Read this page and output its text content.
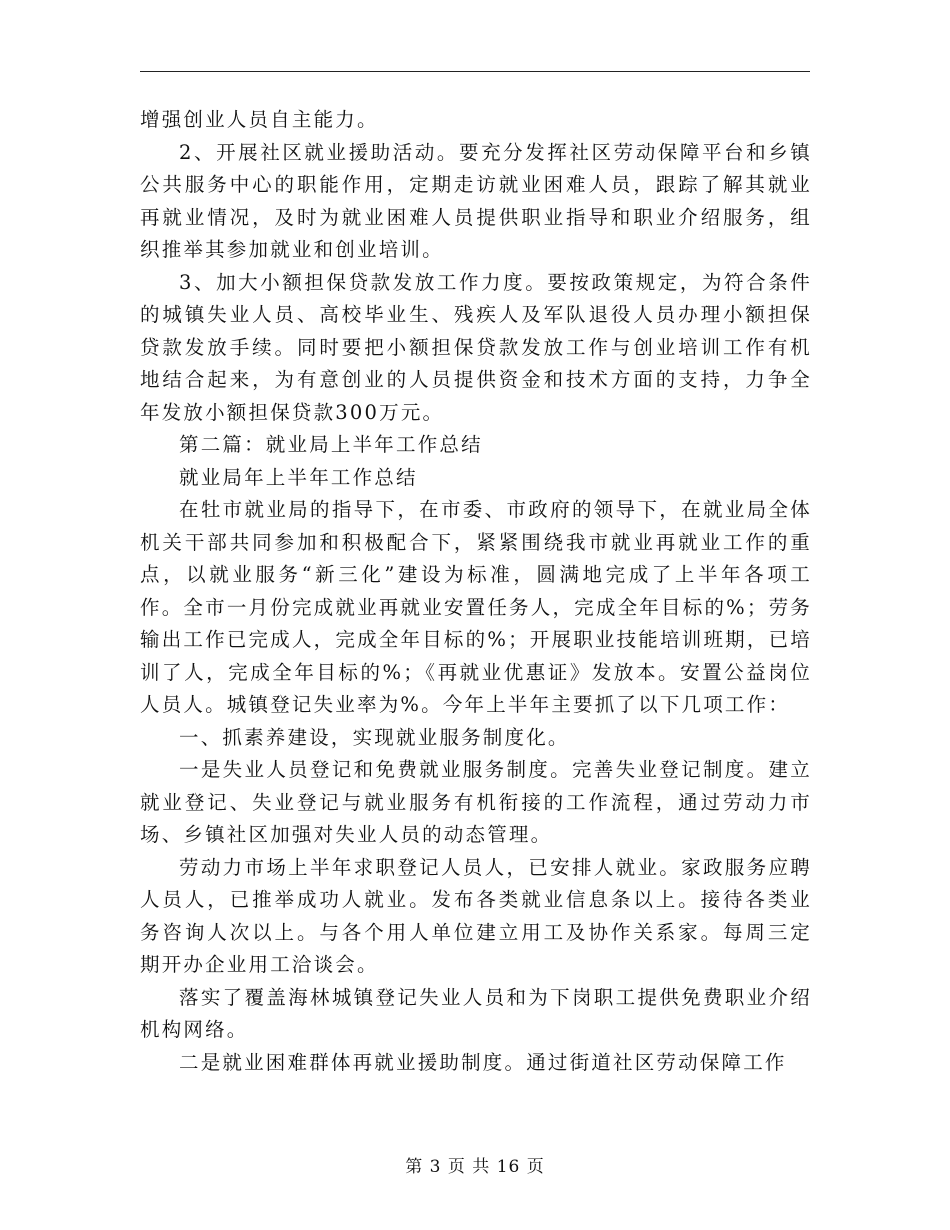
增强创业人员自主能力。

2、开展社区就业援助活动。要充分发挥社区劳动保障平台和乡镇公共服务中心的职能作用，定期走访就业困难人员，跟踪了解其就业再就业情况，及时为就业困难人员提供职业指导和职业介绍服务，组织推举其参加就业和创业培训。

3、加大小额担保贷款发放工作力度。要按政策规定，为符合条件的城镇失业人员、高校毕业生、残疾人及军队退役人员办理小额担保贷款发放手续。同时要把小额担保贷款发放工作与创业培训工作有机地结合起来，为有意创业的人员提供资金和技术方面的支持，力争全年发放小额担保贷款300万元。

第二篇：就业局上半年工作总结

就业局年上半年工作总结

在牡市就业局的指导下，在市委、市政府的领导下，在就业局全体机关干部共同参加和积极配合下，紧紧围绕我市就业再就业工作的重点，以就业服务“新三化”建设为标准，圆满地完成了上半年各项工作。全市一月份完成就业再就业安置任务人，完成全年目标的%；劳务输出工作已完成人，完成全年目标的%；开展职业技能培训班期，已培训了人，完成全年目标的%；《再就业优惠证》发放本。安置公益岗位人员人。城镇登记失业率为%。今年上半年主要抓了以下几项工作：

一、抓素养建设，实现就业服务制度化。

一是失业人员登记和免费就业服务制度。完善失业登记制度。建立就业登记、失业登记与就业服务有机衔接的工作流程，通过劳动力市场、乡镇社区加强对失业人员的动态管理。

劳动力市场上半年求职登记人员人，已安排人就业。家政服务应聘人员人，已推举成功人就业。发布各类就业信息条以上。接待各类业务咨询人次以上。与各个用人单位建立用工及协作关系家。每周三定期开办企业用工洽谈会。

落实了覆盖海林城镇登记失业人员和为下岗职工提供免费职业介绍机构网络。

二是就业困难群体再就业援助制度。通过街道社区劳动保障工作

第 3 页 共 16 页
